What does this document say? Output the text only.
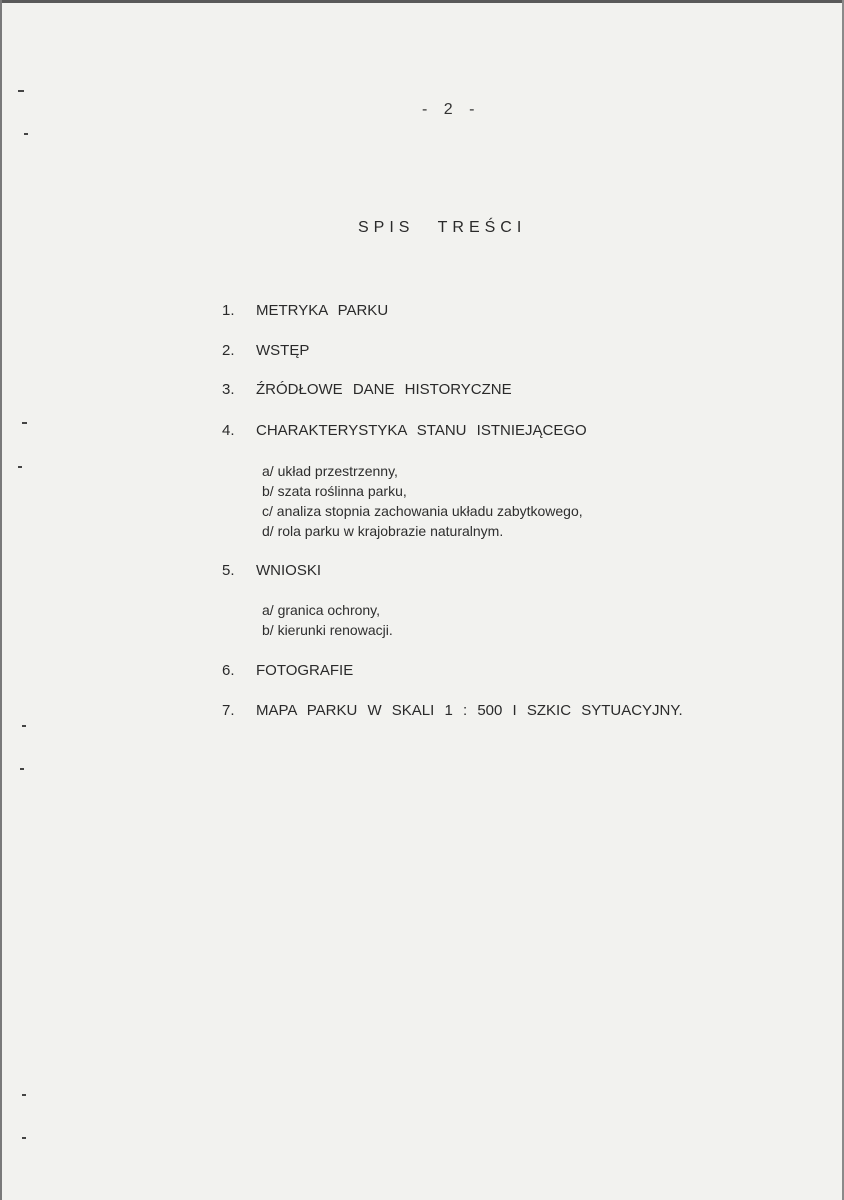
- 2 -
SPIS TREŚCI
1. METRYKA PARKU
2. WSTĘP
3. ŹRÓDŁOWE DANE HISTORYCZNE
4. CHARAKTERYSTYKA STANU ISTNIEJĄCEGO
a/ układ przestrzenny,
b/ szata roślinna parku,
c/ analiza stopnia zachowania układu zabytkowego,
d/ rola parku w krajobrazie naturalnym.
5. WNIOSKI
a/ granica ochrony,
b/ kierunki renowacji.
6. FOTOGRAFIE
7. MAPA PARKU W SKALI 1 : 500 I SZKIC SYTUACYJNY.
